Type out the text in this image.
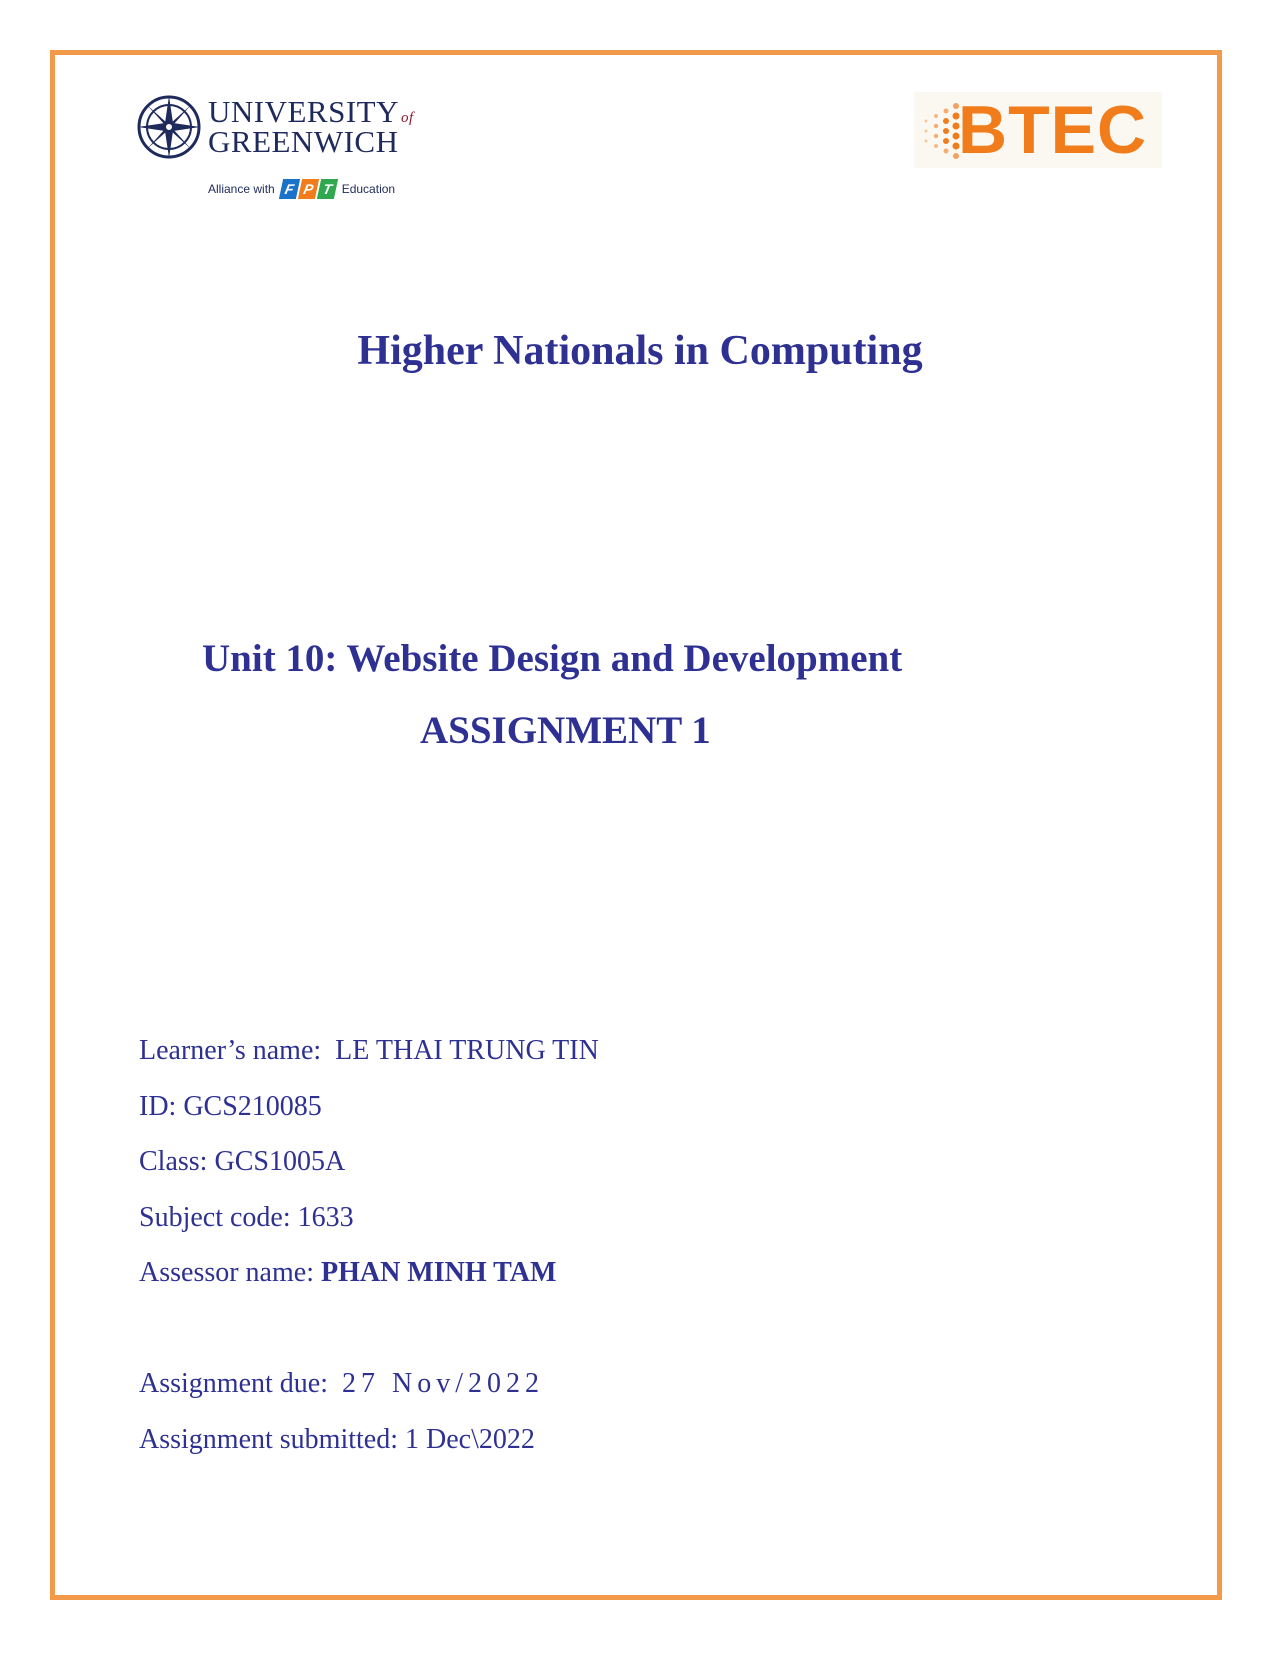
UNIVERSITY of
GREENWICH
Alliance with F P T Education
BTEC
Higher Nationals in Computing
Unit 10: Website Design and Development
ASSIGNMENT 1
Learner’s name: LE THAI TRUNG TIN
ID: GCS210085
Class: GCS1005A
Subject code: 1633
Assessor name: PHAN MINH TAM
Assignment due: 27 Nov/2022
Assignment submitted: 1 Dec\2022
